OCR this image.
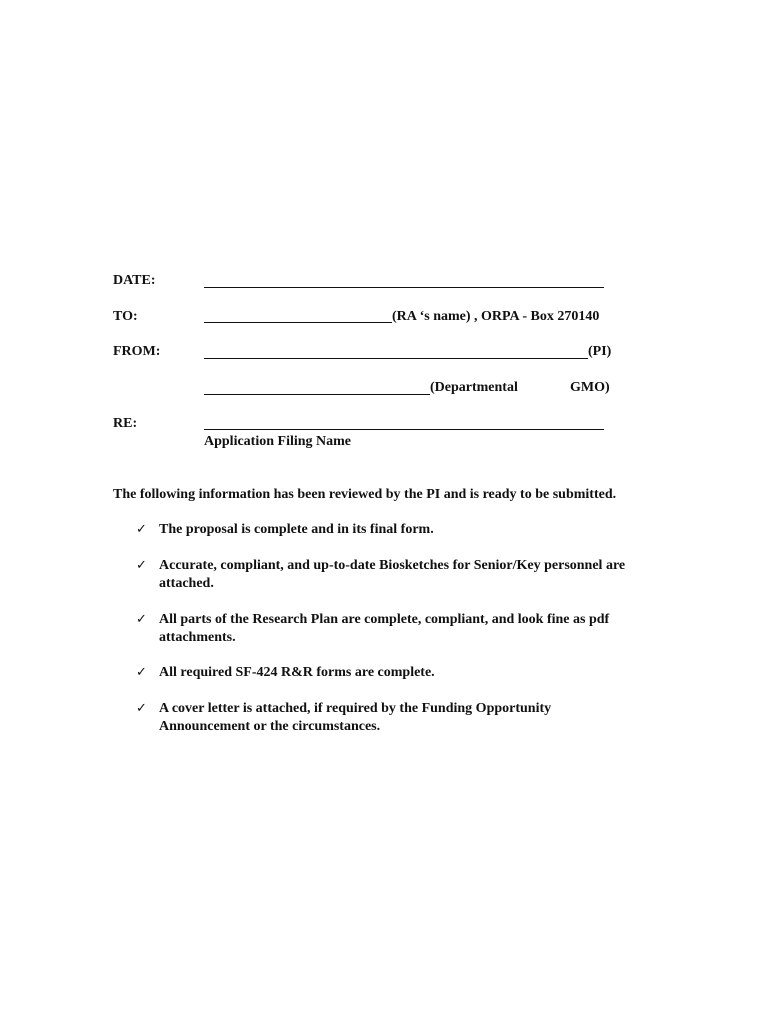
DATE:
TO:	(RA ‘s name) , ORPA - Box 270140
FROM:	(PI)
(Departmental	GMO)
RE:
Application Filing Name
The following information has been reviewed by the PI and is ready to be submitted.
✓ The proposal is complete and in its final form.
✓ Accurate, compliant, and up-to-date Biosketches for Senior/Key personnel are attached.
✓ All parts of the Research Plan are complete, compliant, and look fine as pdf attachments.
✓ All required SF-424 R&R forms are complete.
✓ A cover letter is attached, if required by the Funding Opportunity Announcement or the circumstances.
